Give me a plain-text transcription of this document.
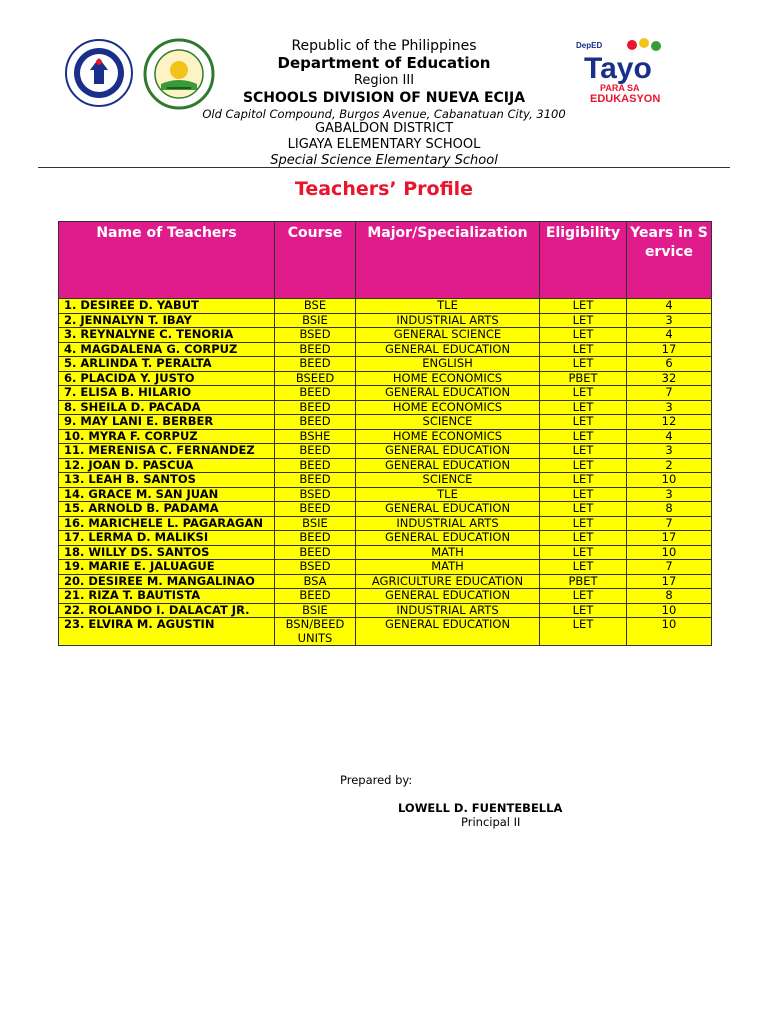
DepED
Tayo
PARA SA
EDUKASYON
Republic of the Philippines
Department of Education
Region III
SCHOOLS DIVISION OF NUEVA ECIJA
Old Capitol Compound, Burgos Avenue, Cabanatuan City, 3100
GABALDON DISTRICT
LIGAYA ELEMENTARY SCHOOL
Special Science Elementary School
Teachers’ Profile
Name of Teachers	Course	Major/Specialization	Eligibility	Years in Service
1. DESIREE D. YABUT	BSE	TLE	LET	4
2. JENNALYN T. IBAY	BSIE	INDUSTRIAL ARTS	LET	3
3. REYNALYNE C. TENORIA	BSED	GENERAL SCIENCE	LET	4
4. MAGDALENA G. CORPUZ	BEED	GENERAL EDUCATION	LET	17
5. ARLINDA T. PERALTA	BEED	ENGLISH	LET	6
6. PLACIDA Y. JUSTO	BSEED	HOME ECONOMICS	PBET	32
7. ELISA B. HILARIO	BEED	GENERAL EDUCATION	LET	7
8. SHEILA D. PACADA	BEED	HOME ECONOMICS	LET	3
9. MAY LANI E. BERBER	BEED	SCIENCE	LET	12
10. MYRA F. CORPUZ	BSHE	HOME ECONOMICS	LET	4
11. MERENISA C. FERNANDEZ	BEED	GENERAL EDUCATION	LET	3
12. JOAN D. PASCUA	BEED	GENERAL EDUCATION	LET	2
13. LEAH B. SANTOS	BEED	SCIENCE	LET	10
14. GRACE M. SAN JUAN	BSED	TLE	LET	3
15. ARNOLD B. PADAMA	BEED	GENERAL EDUCATION	LET	8
16. MARICHELE L. PAGARAGAN	BSIE	INDUSTRIAL ARTS	LET	7
17. LERMA D. MALIKSI	BEED	GENERAL EDUCATION	LET	17
18. WILLY DS. SANTOS	BEED	MATH	LET	10
19. MARIE E. JALUAGUE	BSED	MATH	LET	7
20. DESIREE M. MANGALINAO	BSA	AGRICULTURE EDUCATION	PBET	17
21. RIZA T. BAUTISTA	BEED	GENERAL EDUCATION	LET	8
22. ROLANDO I. DALACAT JR.	BSIE	INDUSTRIAL ARTS	LET	10
23. ELVIRA M. AGUSTIN	BSN/BEED UNITS	GENERAL EDUCATION	LET	10
Prepared by:
LOWELL D. FUENTEBELLA
Principal II
